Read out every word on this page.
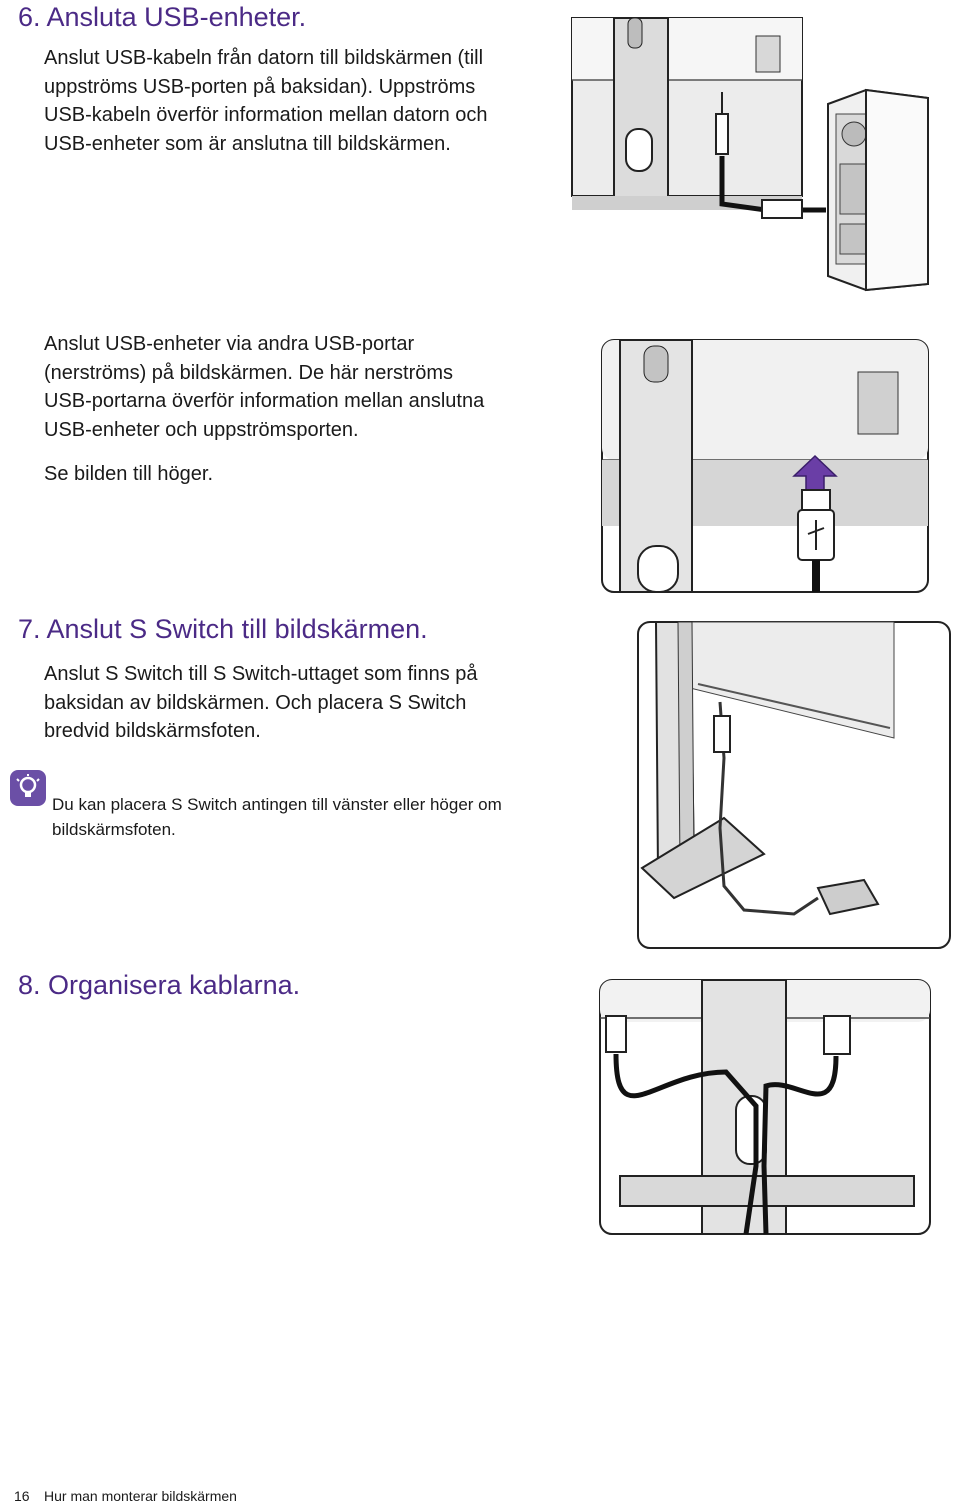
6. Ansluta USB-enheter.
Anslut USB-kabeln från datorn till bildskärmen (till
uppströms USB-porten på baksidan). Uppströms
USB-kabeln överför information mellan datorn och
USB-enheter som är anslutna till bildskärmen.
Anslut USB-enheter via andra USB-portar
(nerströms) på bildskärmen. De här nerströms
USB-portarna överför information mellan anslutna
USB-enheter och uppströmsporten.

Se bilden till höger.

7. Anslut S Switch till bildskärmen.
Anslut S Switch till S Switch-uttaget som finns på
baksidan av bildskärmen. Och placera S Switch
bredvid bildskärmsfoten.
Du kan placera S Switch antingen till vänster eller höger om
bildskärmsfoten.
8. Organisera kablarna.
16 Hur man monterar bildskärmen
